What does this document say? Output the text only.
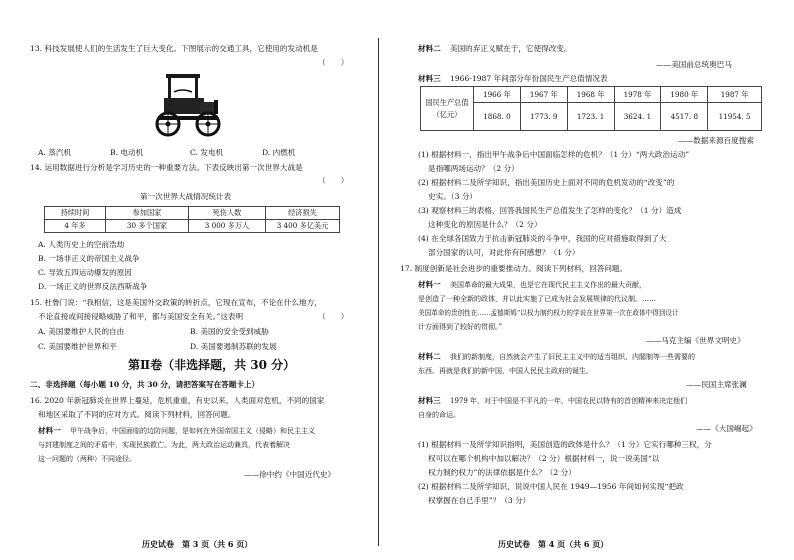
13. 科技发展使人们的生活发生了巨大变化。下图展示的交通工具，它使用的发动机是
（　　）
A. 蒸汽机	B. 电动机	C. 发电机	D. 内燃机
14. 运用数据进行分析是学习历史的一种重要方法。下表反映出第一次世界大战是
（　　）
第一次世界大战情况统计表
持续时间	参加国家	死伤人数	经济损失
4 年多	30 多个国家	3 000 多万人	3 400 多亿美元
A. 人类历史上的空前浩劫
B. 一场非正义的帝国主义战争
C. 导致五四运动爆发的原因
D. 一场正义的世界反法西斯战争
15. 杜鲁门说：“我相信，这是美国外交政策的转折点，它现在宣布，不论在什么地方，
不论直接或间接侵略威胁了和平，都与美国安全有关。”这表明	（　　）
A. 美国要维护人民的自由	B. 美国的安全受到威胁
C. 美国要维护世界和平	D. 美国要遏制苏联的发展
第Ⅱ卷（非选择题，共 30 分）
二、非选择题（每小题 10 分，共 30 分，请把答案写在答题卡上）
16. 2020 年新冠肺炎在世界上蔓延，危机重重，有史以来，人类面对危机，不同的国家
和地区采取了不同的应对方式。阅读下列材料，回答问题。
材料一 甲午战争后，中国面临的边防问题，是如何在外国帝国主义（侵略）和民主主义
与封建制度之间的矛盾中，实现民族救亡。为此，两大政治运动兼具，代表着解决
这一问题的（两种）不同途径。
——徐中约《中国近代史》
历史试卷　第 3 页（共 6 页）
材料二 美国的弃正义赋在于，它使得改变。
——美国前总统奥巴马
材料三 1966-1987 年间部分年份国民生产总值情况表
国民生产总值（亿元）	1966 年	1967 年	1968 年	1978 年	1980 年	1987 年
	1868. 0	1773. 9	1723. 1	3624. 1	4517. 8	11954. 5
——数据来源百度搜索
(1) 根据材料一，指出甲午战争后中国面临怎样的危机？（1 分）“两大政治运动”
是指哪两场运动？（2 分）
(2) 根据材料二及所学知识，指出美国历史上面对不同的危机发动的“改变”的
史实。（3 分）
(3) 观察材料三的表格，回答我国民生产总值发生了怎样的变化？（1 分）造成
这种变化的原因是什么？（2 分）
(4) 在全球各国致力于抗击新冠肺炎的斗争中，我国的应对措施取得到了大
部分国家的认可，对此你有何感想？（1 分）
17. 制度创新是社会进步的重要推动力。阅读下列材料，回答问题。
材料一 美国革命的最大成果，也是它在现代民主主义作出的最大贡献，
是创造了一种全新的政体，并以此实施了已成为社会发展规律的代议制。……
美国革命的贵创性在……孟德斯鸠“以权力制约权力的学说在世界第一次在政体中得到设计
计方面得到了较好的贯彻。”
——马克主编《世界文明史》
材料二 我们的新制度，自然就会产生了旧民主主义中的适当组织、内閣制等一些需要的
东西。再就是我们的新中国，中国人民民主政府的诞生。
——民国主席张澜
材料三 1979 年，对于中国是不平凡的一年，中国农民以特有的首创精神来决定他们
自身的命运。
——《大国崛起》
(1) 根据材料一及所学知识指明，美国创造的政体是什么？（1 分）它实行哪种三权，分
权可以在哪个机构中加以解决？（2 分）根据材料一，说一说美国“以
权力制约权力”的法律依据是什么？（2 分）
(2) 根据材料二及所学知识，说说中国人民在 1949—1956 年间如何实现“把政
权掌握在自己手里”？（3 分）
历史试卷　第 4 页（共 6 页）
